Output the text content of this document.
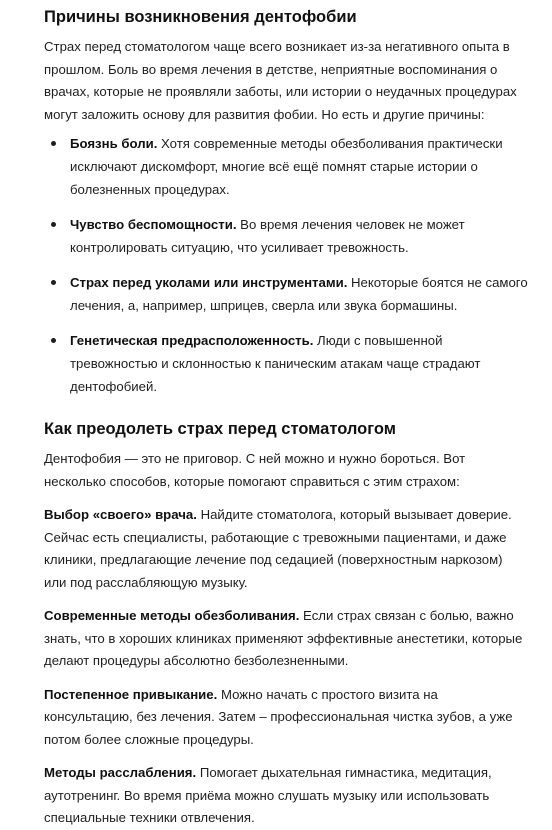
Причины возникновения дентофобии

Страх перед стоматологом чаще всего возникает из-за негативного опыта в прошлом. Боль во время лечения в детстве, неприятные воспоминания о врачах, которые не проявляли заботы, или истории о неудачных процедурах могут заложить основу для развития фобии. Но есть и другие причины:

Боязнь боли. Хотя современные методы обезболивания практически исключают дискомфорт, многие всё ещё помнят старые истории о болезненных процедурах.
Чувство беспомощности. Во время лечения человек не может контролировать ситуацию, что усиливает тревожность.
Страх перед уколами или инструментами. Некоторые боятся не самого лечения, а, например, шприцев, сверла или звука бормашины.
Генетическая предрасположенность. Люди с повышенной тревожностью и склонностью к паническим атакам чаще страдают дентофобией.
Как преодолеть страх перед стоматологом

Дентофобия — это не приговор. С ней можно и нужно бороться. Вот несколько способов, которые помогают справиться с этим страхом:

Выбор «своего» врача. Найдите стоматолога, который вызывает доверие. Сейчас есть специалисты, работающие с тревожными пациентами, и даже клиники, предлагающие лечение под седацией (поверхностным наркозом) или под расслабляющую музыку.

Современные методы обезболивания. Если страх связан с болью, важно знать, что в хороших клиниках применяют эффективные анестетики, которые делают процедуры абсолютно безболезненными.

Постепенное привыкание. Можно начать с простого визита на консультацию, без лечения. Затем – профессиональная чистка зубов, а уже потом более сложные процедуры.

Методы расслабления. Помогает дыхательная гимнастика, медитация, аутотренинг. Во время приёма можно слушать музыку или использовать специальные техники отвлечения.
